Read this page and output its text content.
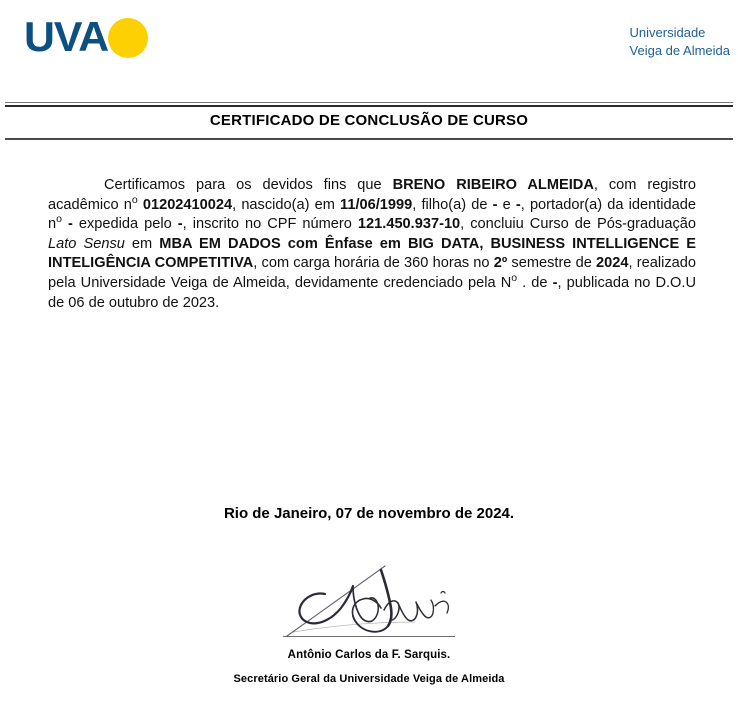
UVA	Universidade
Veiga de Almeida
CERTIFICADO DE CONCLUSÃO DE CURSO
Certificamos para os devidos fins que BRENO RIBEIRO ALMEIDA, com registro acadêmico $n^o$ 01202410024, nascido(a) em 11/06/1999, filho(a) de - e -, portador(a) da identidade $n^o$ - expedida pelo -, inscrito no CPF número 121.450.937-10, concluiu Curso de Pós-graduação Lato Sensu em MBA EM DADOS com Ênfase em BIG DATA, BUSINESS INTELLIGENCE E INTELIGÊNCIA COMPETITIVA, com carga horária de 360 horas no 2º semestre de 2024, realizado pela Universidade Veiga de Almeida, devidamente credenciado pela $N^o$ . de -, publicada no D.O.U de 06 de outubro de 2023.
Rio de Janeiro, 07 de novembro de 2024.
Antônio Carlos da F. Sarquis.
Secretário Geral da Universidade Veiga de Almeida
